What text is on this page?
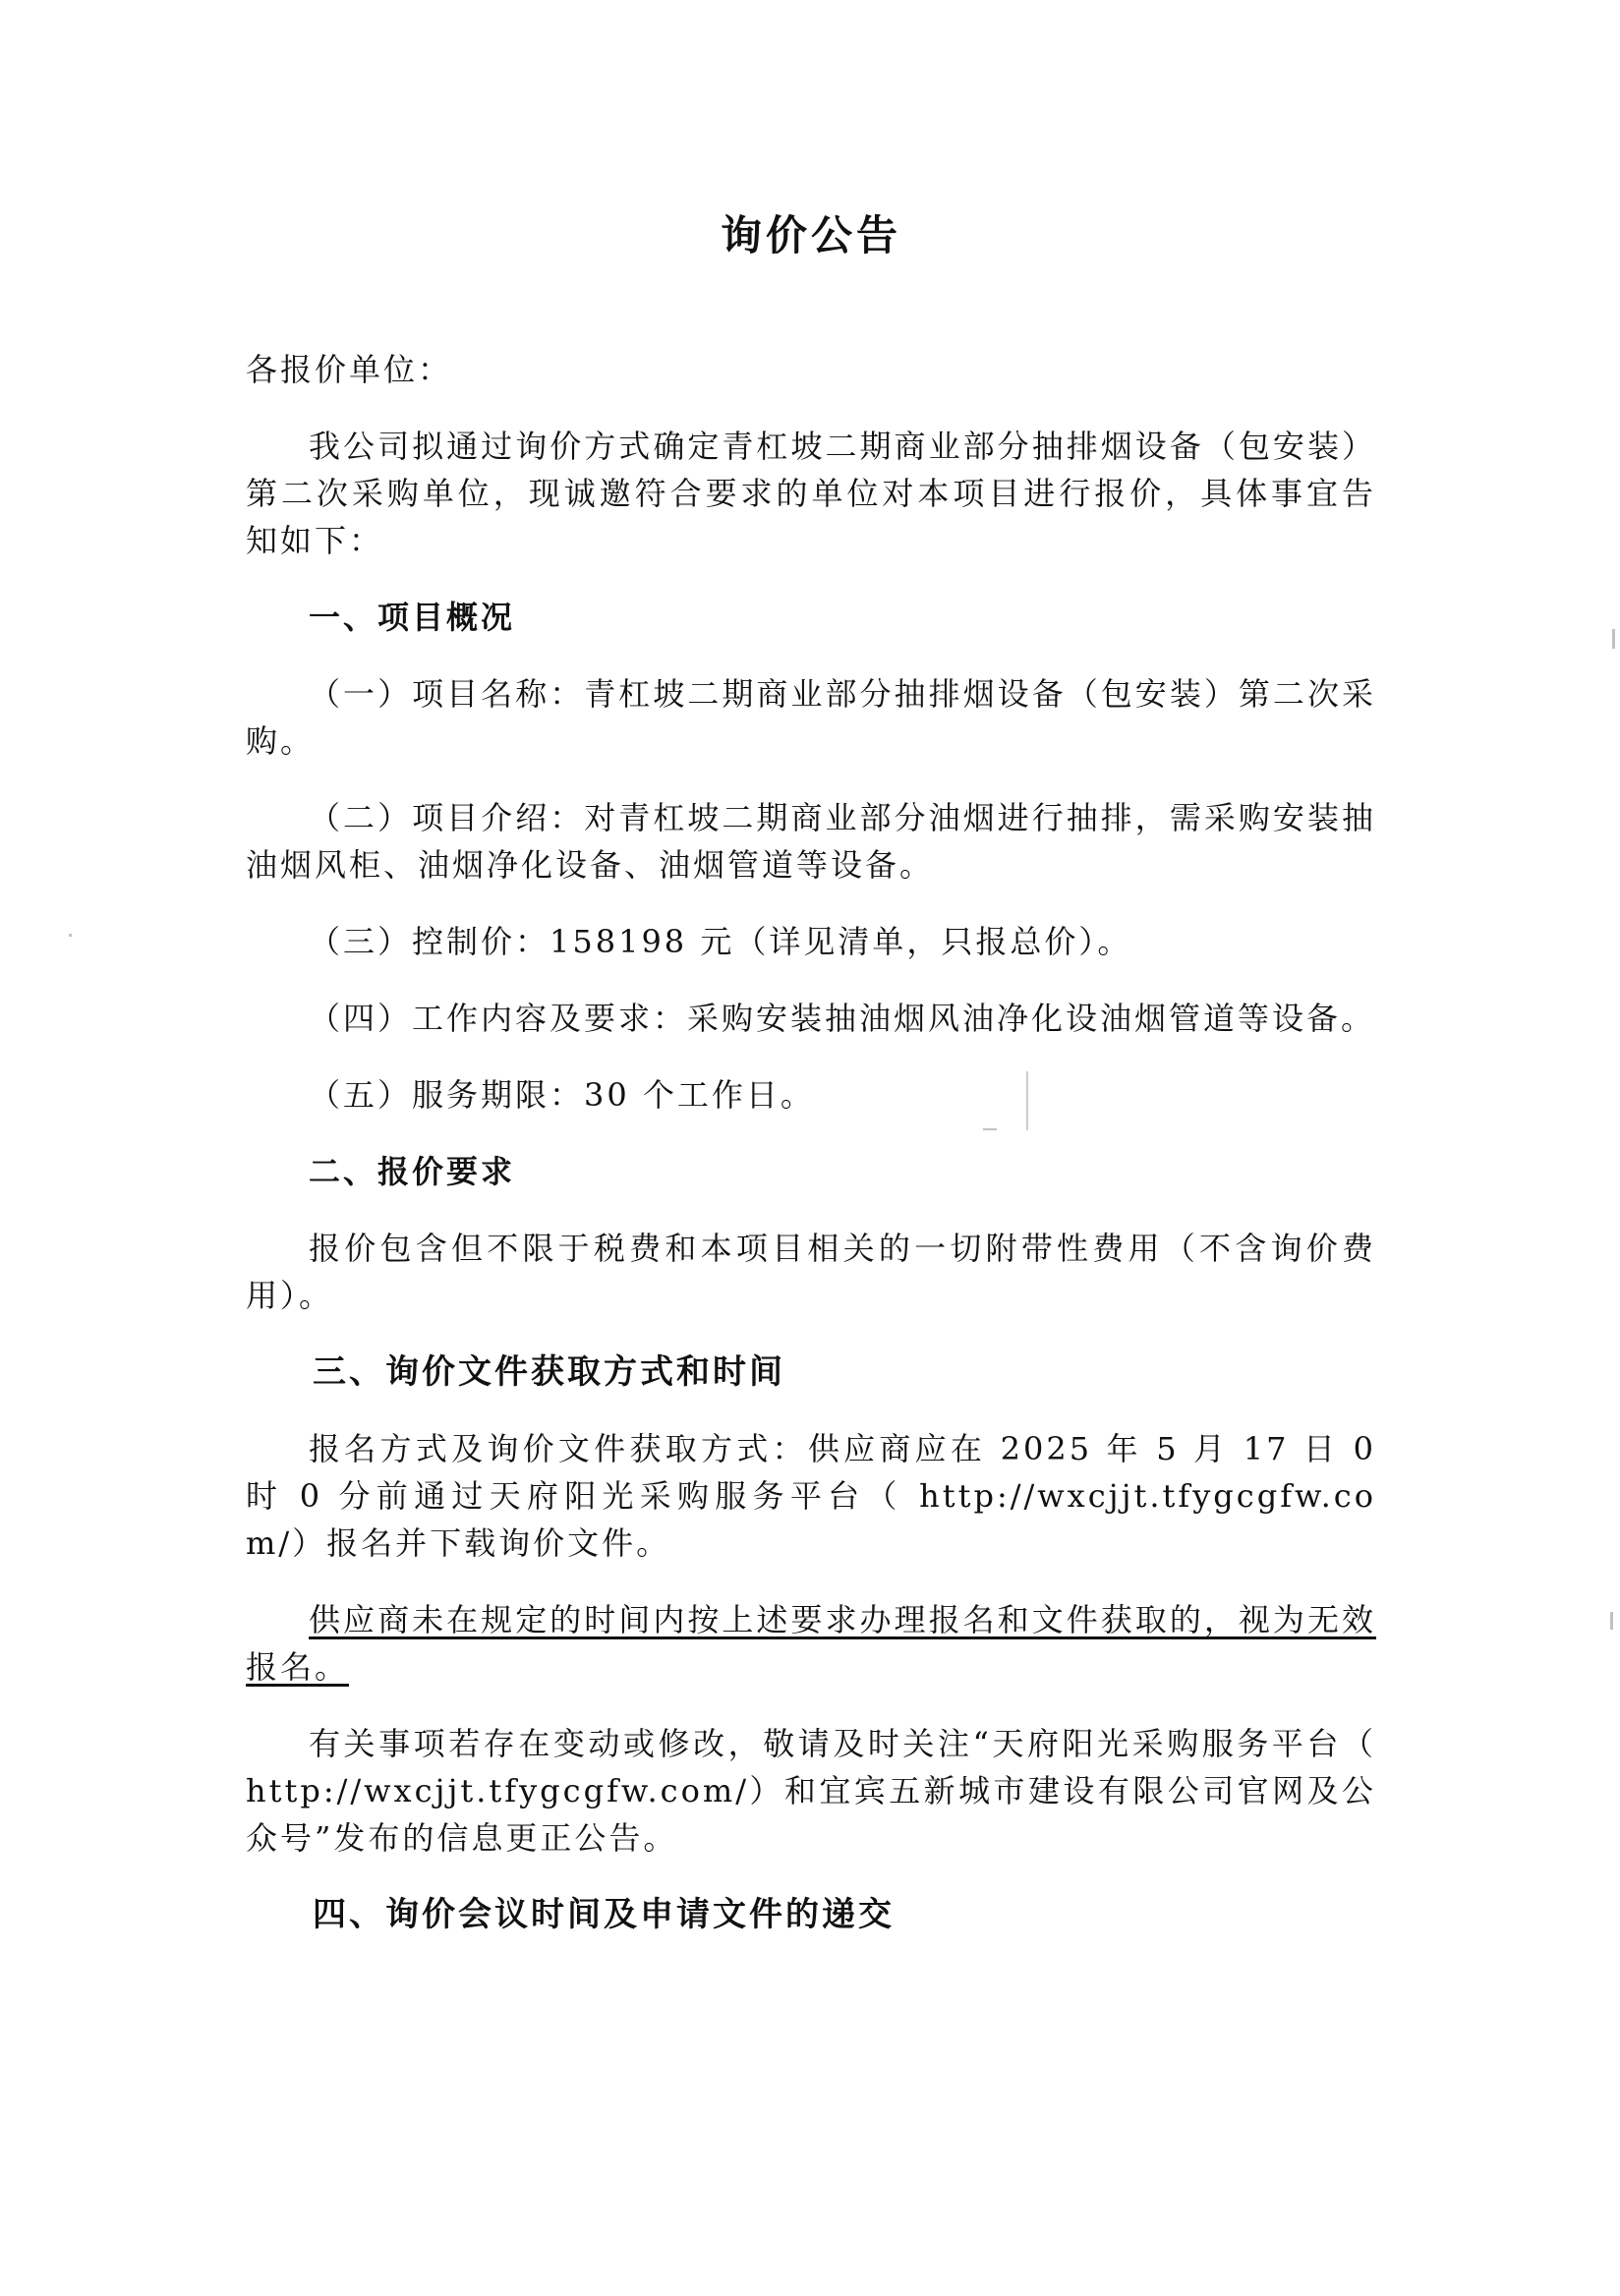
询价公告

各报价单位：

我公司拟通过询价方式确定青杠坡二期商业部分抽排烟设备（包安装）第二次采购单位，现诚邀符合要求的单位对本项目进行报价，具体事宜告知如下：

一、项目概况

（一）项目名称：青杠坡二期商业部分抽排烟设备（包安装）第二次采购。

（二）项目介绍：对青杠坡二期商业部分油烟进行抽排，需采购安装抽油烟风柜、油烟净化设备、油烟管道等设备。

（三）控制价：158198 元（详见清单，只报总价）。

（四）工作内容及要求：采购安装抽油烟风油净化设油烟管道等设备。

（五）服务期限：30 个工作日。

二、报价要求

报价包含但不限于税费和本项目相关的一切附带性费用（不含询价费用）。

三、询价文件获取方式和时间

报名方式及询价文件获取方式：供应商应在 2025 年 5 月 17 日 0 时 0 分前通过天府阳光采购服务平台（ http://wxcjjt.tfygcgfw.com/）报名并下载询价文件。

供应商未在规定的时间内按上述要求办理报名和文件获取的，视为无效报名。

有关事项若存在变动或修改，敬请及时关注“天府阳光采购服务平台（ http://wxcjjt.tfygcgfw.com/）和宜宾五新城市建设有限公司官网及公众号”发布的信息更正公告。

四、询价会议时间及申请文件的递交
